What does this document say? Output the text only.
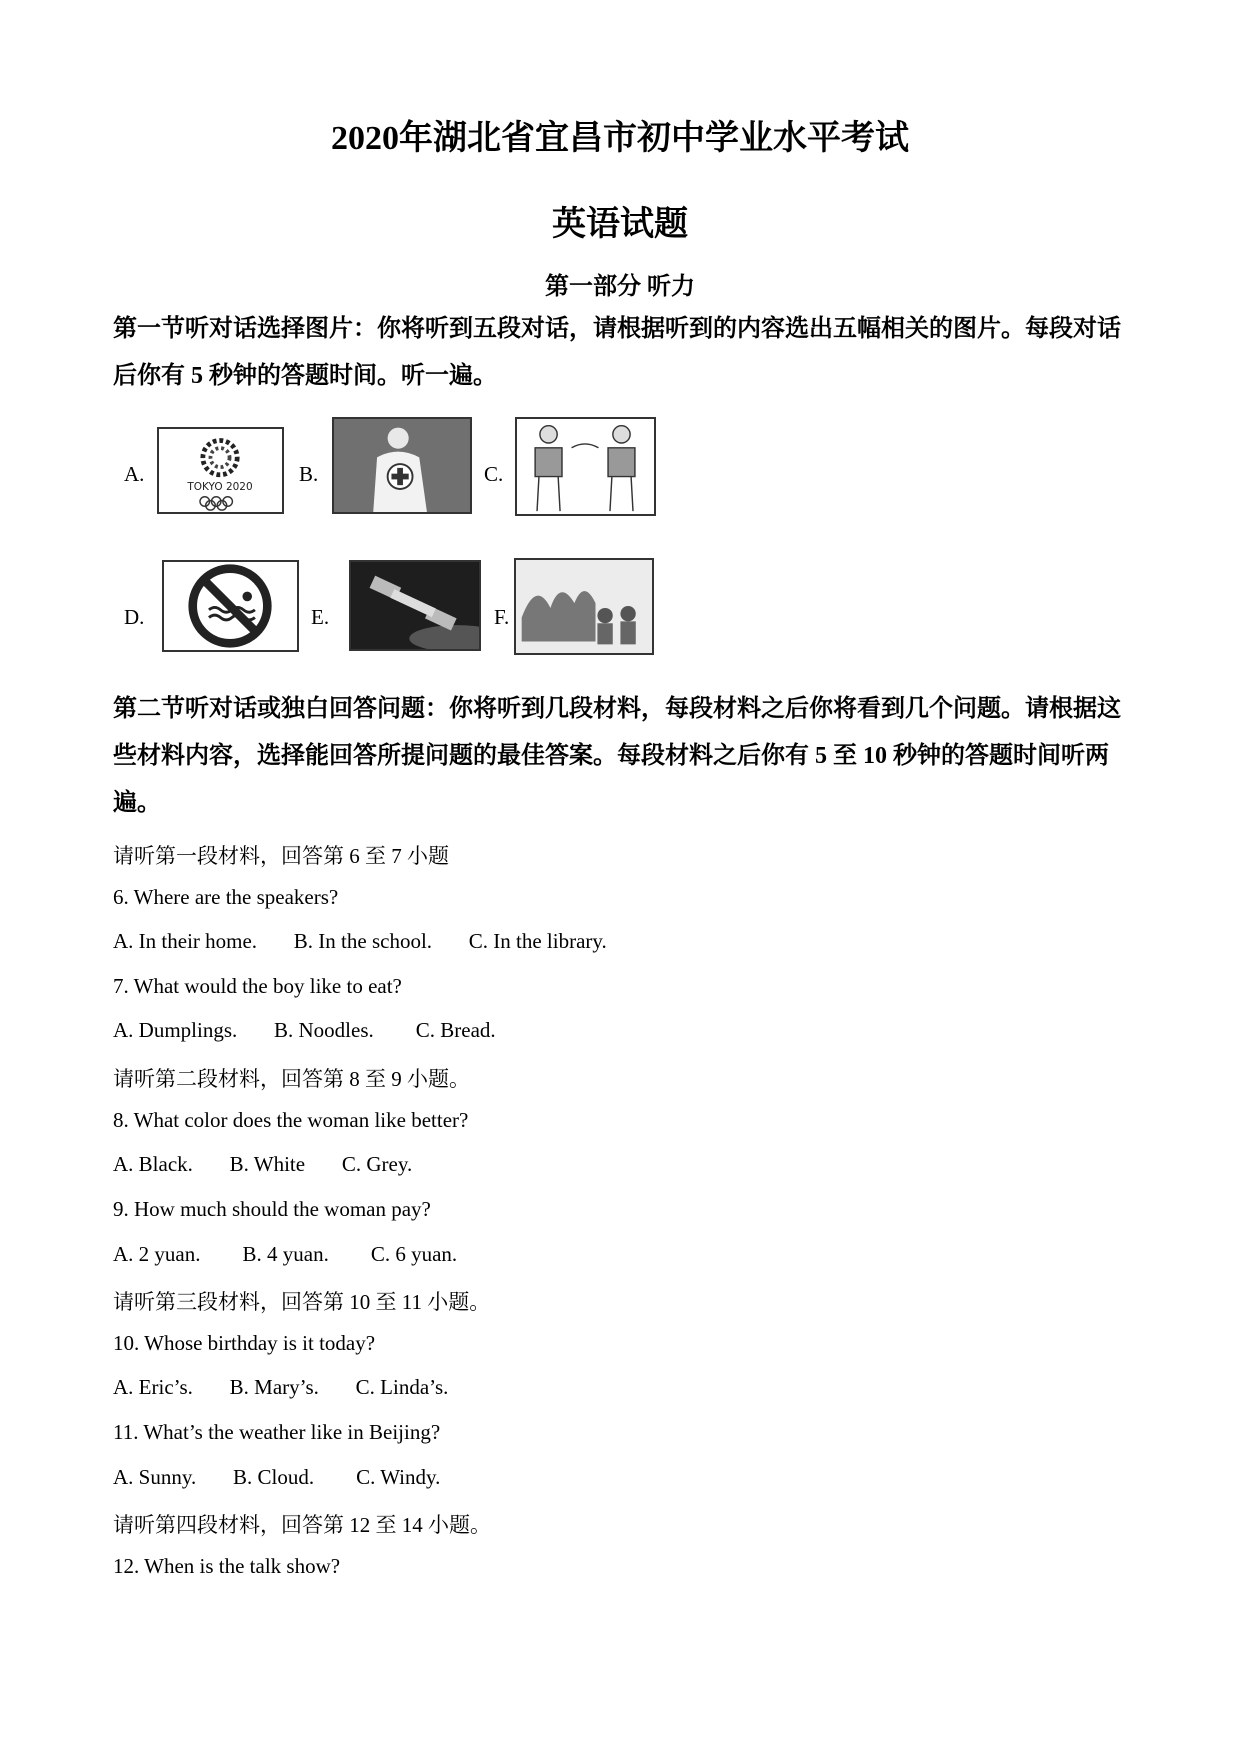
2020年湖北省宜昌市初中学业水平考试
英语试题
第一部分 听力
第一节听对话选择图片：你将听到五段对话，请根据听到的内容选出五幅相关的图片。每段对话后你有 5 秒钟的答题时间。听一遍。
A.
TOKYO 2020
B.	C.
D.	E.	F.
第二节听对话或独白回答问题：你将听到几段材料，每段材料之后你将看到几个问题。请根据这些材料内容，选择能回答所提问题的最佳答案。每段材料之后你有 5 至 10 秒钟的答题时间听两遍。
请听第一段材料，回答第 6 至 7 小题
6. Where are the speakers?
A. In their home.       B. In the school.       C. In the library.
7. What would the boy like to eat?
A. Dumplings.       B. Noodles.        C. Bread.
请听第二段材料，回答第 8 至 9 小题。
8. What color does the woman like better?
A. Black.       B. White       C. Grey.
9. How much should the woman pay?
A. 2 yuan.        B. 4 yuan.        C. 6 yuan.
请听第三段材料，回答第 10 至 11 小题。
10. Whose birthday is it today?
A. Eric’s.       B. Mary’s.       C. Linda’s.
11. What’s the weather like in Beijing?
A. Sunny.       B. Cloud.        C. Windy.
请听第四段材料，回答第 12 至 14 小题。
12. When is the talk show?
